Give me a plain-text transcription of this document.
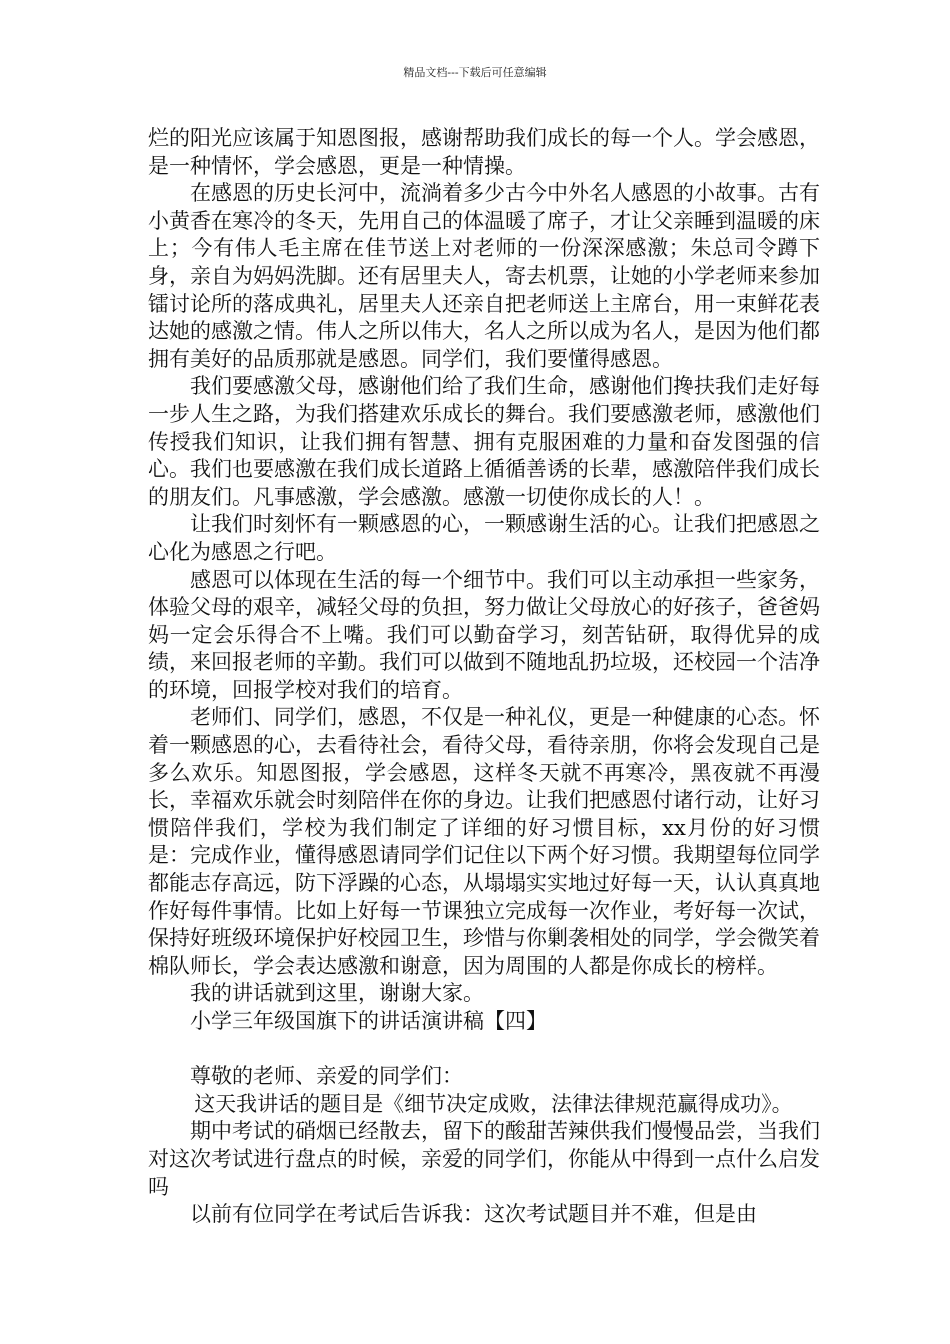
精品文档---下载后可任意编辑

烂的阳光应该属于知恩图报，感谢帮助我们成长的每一个人。学会感恩，是一种情怀，学会感恩，更是一种情操。

在感恩的历史长河中，流淌着多少古今中外名人感恩的小故事。古有小黄香在寒冷的冬天，先用自己的体温暖了席子，才让父亲睡到温暖的床上；今有伟人毛主席在佳节送上对老师的一份深深感激；朱总司令蹲下身，亲自为妈妈洗脚。还有居里夫人，寄去机票，让她的小学老师来参加镭讨论所的落成典礼，居里夫人还亲自把老师送上主席台，用一束鲜花表达她的感激之情。伟人之所以伟大，名人之所以成为名人，是因为他们都拥有美好的品质那就是感恩。同学们，我们要懂得感恩。

我们要感激父母，感谢他们给了我们生命，感谢他们搀扶我们走好每一步人生之路，为我们搭建欢乐成长的舞台。我们要感激老师，感激他们传授我们知识，让我们拥有智慧、拥有克服困难的力量和奋发图强的信心。我们也要感激在我们成长道路上循循善诱的长辈，感激陪伴我们成长的朋友们。凡事感激，学会感激。感激一切使你成长的人！。

让我们时刻怀有一颗感恩的心，一颗感谢生活的心。让我们把感恩之心化为感恩之行吧。

感恩可以体现在生活的每一个细节中。我们可以主动承担一些家务，体验父母的艰辛，减轻父母的负担，努力做让父母放心的好孩子，爸爸妈妈一定会乐得合不上嘴。我们可以勤奋学习，刻苦钻研，取得优异的成绩，来回报老师的辛勤。我们可以做到不随地乱扔垃圾，还校园一个洁净的环境，回报学校对我们的培育。

老师们、同学们，感恩，不仅是一种礼仪，更是一种健康的心态。怀着一颗感恩的心，去看待社会，看待父母，看待亲朋，你将会发现自己是多么欢乐。知恩图报，学会感恩，这样冬天就不再寒冷，黑夜就不再漫长，幸福欢乐就会时刻陪伴在你的身边。让我们把感恩付诸行动，让好习惯陪伴我们，学校为我们制定了详细的好习惯目标，xx月份的好习惯是：完成作业，懂得感恩请同学们记住以下两个好习惯。我期望每位同学都能志存高远，防下浮躁的心态，从塌塌实实地过好每一天，认认真真地作好每件事情。比如上好每一节课独立完成每一次作业，考好每一次试，保持好班级环境保护好校园卫生，珍惜与你剿袭相处的同学，学会微笑着棉队师长，学会表达感激和谢意，因为周围的人都是你成长的榜样。

我的讲话就到这里，谢谢大家。

小学三年级国旗下的讲话演讲稿【四】

尊敬的老师、亲爱的同学们：

这天我讲话的题目是《细节决定成败，法律法律规范赢得成功》。

期中考试的硝烟已经散去，留下的酸甜苦辣供我们慢慢品尝，当我们对这次考试进行盘点的时候，亲爱的同学们，你能从中得到一点什么启发吗

以前有位同学在考试后告诉我：这次考试题目并不难，但是由
